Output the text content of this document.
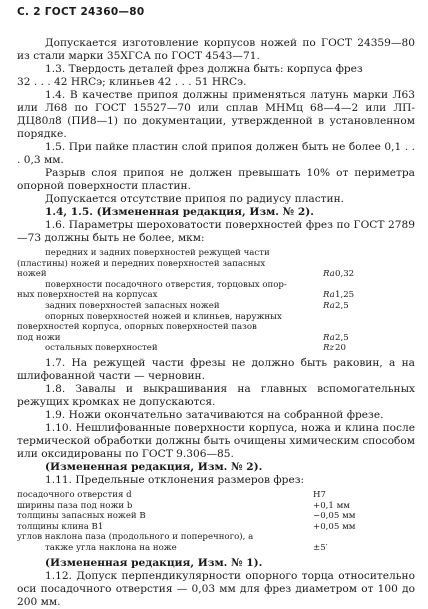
С. 2 ГОСТ 24360—80

Допускается изготовление корпусов ножей по ГОСТ 24359—80 из стали марки 35ХГСА по ГОСТ 4543—71.

1.3. Твердость деталей фрез должна быть: корпуса фрез

32 . . . 42 HRCэ; клиньев 42 . . . 51 HRCэ.

1.4. В качестве припоя должны применяться латунь марки Л63 или Л68 по ГОСТ 15527—70 или сплав МНМц 68—4—2 или ЛП-ДЦ80л8 (ПИ8—1) по документации, утвержденной в установленном порядке.

1.5. При пайке пластин слой припоя должен быть не более 0,1 . . . 0,3 мм.

Разрыв слоя припоя не должен превышать 10% от периметра опорной поверхности пластин.

Допускается отсутствие припоя по радиусу пластин.

1.4, 1.5. (Измененная редакция, Изм. № 2).

1.6. Параметры шероховатости поверхностей фрез по ГОСТ 2789—73 должны быть не более, мкм:

передних и задних поверхностей режущей части
(пластины) ножей и передних поверхностей запасных
ножей	Ra 0,32
поверхности посадочного отверстия, торцовых опор-
ных поверхностей на корпусах	Ra 1,25
задних поверхностей запасных ножей	Ra 2,5
опорных поверхностей ножей и клиньев, наружных
поверхностей корпуса, опорных поверхностей пазов
под ножи	Ra 2,5
остальных поверхностей	Rz 20

1.7. На режущей части фрезы не должно быть раковин, а на шлифованной части — черновин.

1.8. Завалы и выкрашивания на главных вспомогательных режущих кромках не допускаются.

1.9. Ножи окончательно затачиваются на собранной фрезе.

1.10. Нешлифованные поверхности корпуса, ножа и клина после термической обработки должны быть очищены химическим способом или оксидированы по ГОСТ 9.306—85.

(Измененная редакция, Изм. № 2).

1.11. Предельные отклонения размеров фрез:

посадочного отверстия d	H7
ширины паза под ножи b	+0,1 мм
толщины запасных ножей B	−0,05 мм
толщины клина B1	+0,05 мм
углов наклона паза (продольного и поперечного), а
также угла наклона на ноже	±5′

(Измененная редакция, Изм. № 1).

1.12. Допуск перпендикулярности опорного торца относительно оси посадочного отверстия — 0,03 мм для фрез диаметром от 100 до 200 мм.
